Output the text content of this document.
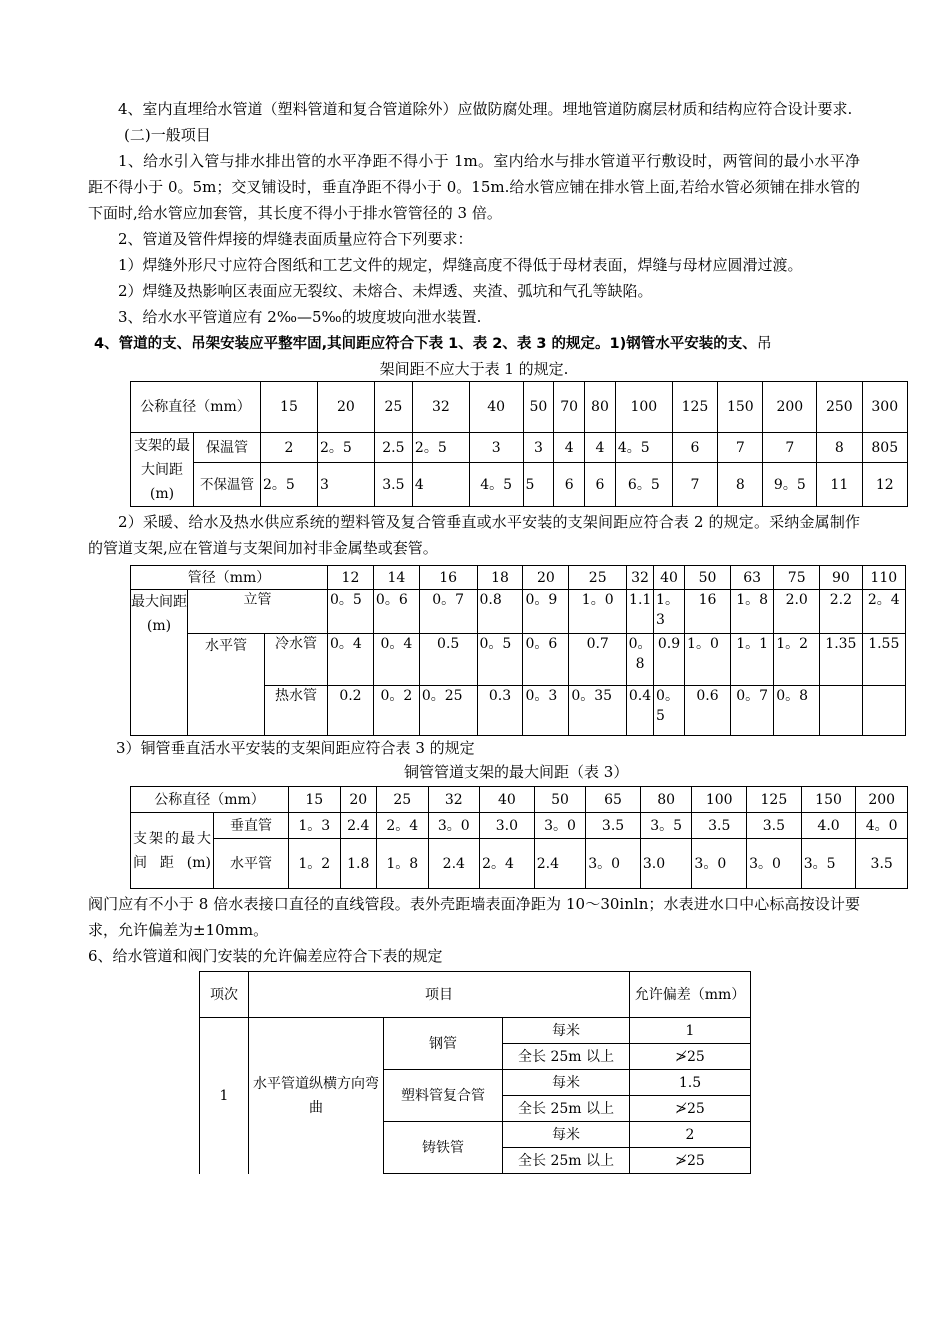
4、室内直埋给水管道（塑料管道和复合管道除外）应做防腐处理。埋地管道防腐层材质和结构应符合设计要求.

(二)一般项目

1、给水引入管与排水排出管的水平净距不得小于 1m。室内给水与排水管道平行敷设时，两管间的最小水平净距不得小于 0。5m；交叉铺设时，垂直净距不得小于 0。15m.给水管应铺在排水管上面,若给水管必须铺在排水管的下面时,给水管应加套管，其长度不得小于排水管管径的 3 倍。

2、管道及管件焊接的焊缝表面质量应符合下列要求：

1）焊缝外形尺寸应符合图纸和工艺文件的规定，焊缝高度不得低于母材表面，焊缝与母材应圆滑过渡。

2）焊缝及热影响区表面应无裂纹、未熔合、未焊透、夹渣、弧坑和气孔等缺陷。

3、给水水平管道应有 2‰—5‰的坡度坡向泄水装置.

4、管道的支、吊架安装应平整牢固,其间距应符合下表 1、表 2、表 3 的规定。1)钢管水平安装的支、吊

架间距不应大于表 1 的规定.

公称直径（mm）		15	20	25	32	40	50	70	80	100	125	150	200	250	300
支架的最大间距(m)	保温管	2	2。5	2.5	2。5	3	3	4	4	4。5	6	7	7	8	805
	不保温管	2。5	3	3.5	4	4。5	5	6	6	6。5	7	8	9。5	11	12

2）采暖、给水及热水供应系统的塑料管及复合管垂直或水平安装的支架间距应符合表 2 的规定。采纳金属制作的管道支架,应在管道与支架间加衬非金属垫或套管。

管径（mm）			12	14	16	18	20	25	32	40	50	63	75	90	110
最大间距(m)	立管		0。5	0。6	0。7	0.8	0。9	1。0	1.1	1。3	16	1。8	2.0	2.2	2。4
	水平管	冷水管	0。4	0。4	0.5	0。5	0。6	0.7	0。8	0.9	1。0	1。1	1。2	1.35	1.55
		热水管	0.2	0。2	0。25	0.3	0。3	0。35	0.4	0。5	0.6	0。7	0。8		

3）铜管垂直活水平安装的支架间距应符合表 3 的规定

铜管管道支架的最大间距（表 3）

公称直径（mm）		15	20	25	32	40	50	65	80	100	125	150	200
支架的最大间距(m)	垂直管	1。3	2.4	2。4	3。0	3.0	3。0	3.5	3。5	3.5	3.5	4.0	4。0
	水平管	1。2	1.8	1。8	2.4	2。4	2.4	3。0	3.0	3。0	3。0	3。5	3.5

阀门应有不小于 8 倍水表接口直径的直线管段。表外壳距墙表面净距为 10～30inln；水表进水口中心标高按设计要求，允许偏差为±10mm。

6、给水管道和阀门安装的允许偏差应符合下表的规定

项次	项目			允许偏差（mm）
1	水平管道纵横方向弯曲	钢管	每米	1
			全长 25m 以上	≯25
		塑料管复合管	每米	1.5
			全长 25m 以上	≯25
		铸铁管	每米	2
			全长 25m 以上	≯25
